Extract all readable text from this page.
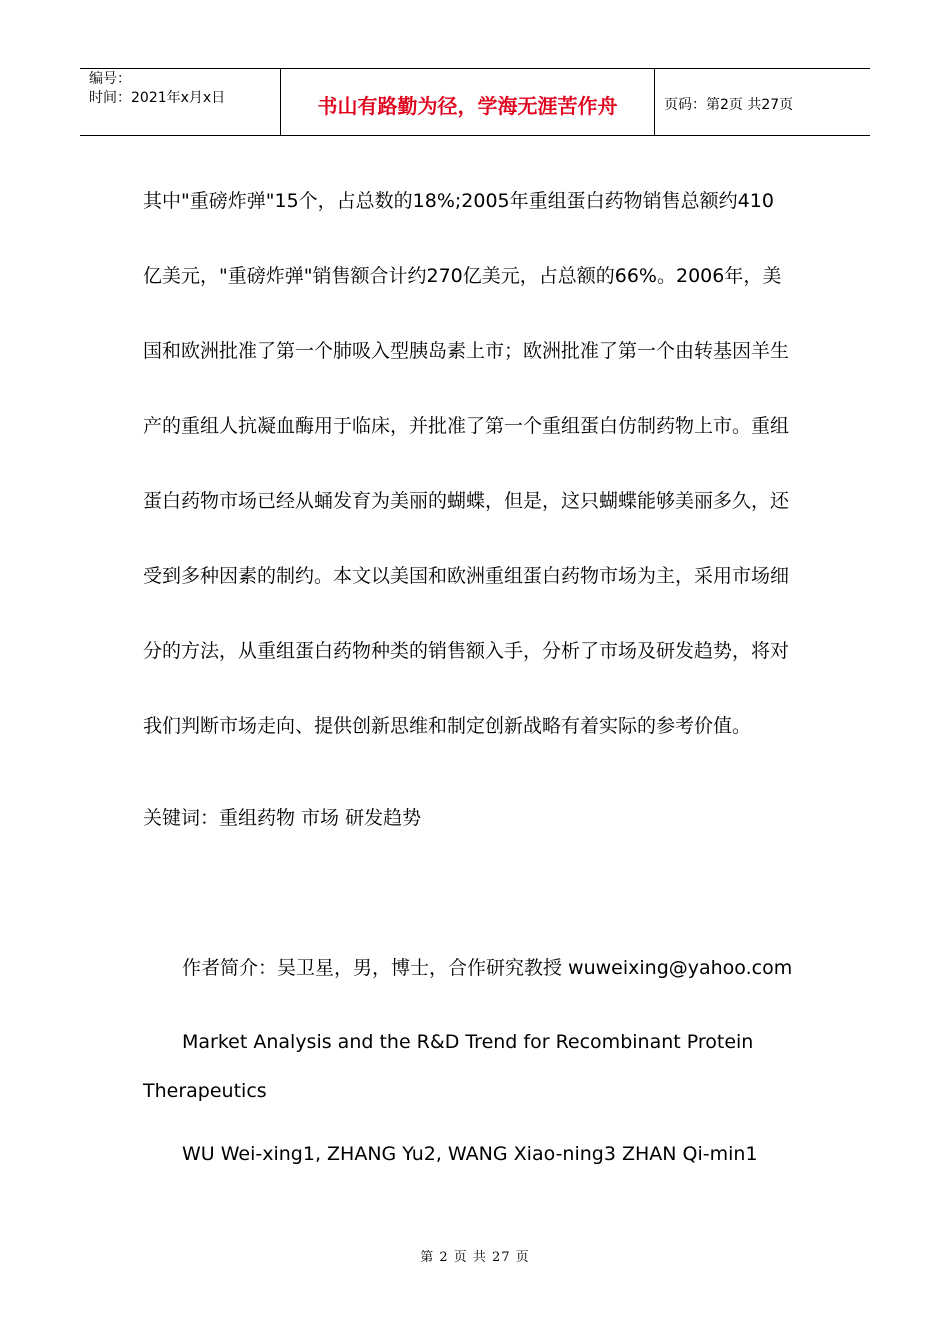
编号：
时间：2021年x月x日	书山有路勤为径，学海无涯苦作舟	页码：第2页 共27页
其中"重磅炸弹"15个，占总数的18%;2005年重组蛋白药物销售总额约410
亿美元，"重磅炸弹"销售额合计约270亿美元，占总额的66%。2006年，美
国和欧洲批准了第一个肺吸入型胰岛素上市；欧洲批准了第一个由转基因羊生
产的重组人抗凝血酶用于临床，并批准了第一个重组蛋白仿制药物上市。重组
蛋白药物市场已经从蛹发育为美丽的蝴蝶，但是，这只蝴蝶能够美丽多久，还
受到多种因素的制约。本文以美国和欧洲重组蛋白药物市场为主，采用市场细
分的方法，从重组蛋白药物种类的销售额入手，分析了市场及研发趋势，将对
我们判断市场走向、提供创新思维和制定创新战略有着实际的参考价值。
关键词：重组药物 市场 研发趋势
作者简介：吴卫星，男，博士，合作研究教授 wuweixing@yahoo.com
Market Analysis and the R&D Trend for Recombinant Protein
Therapeutics
WU Wei-xing1, ZHANG Yu2, WANG Xiao-ning3 ZHAN Qi-min1
第 2 页 共 27 页
